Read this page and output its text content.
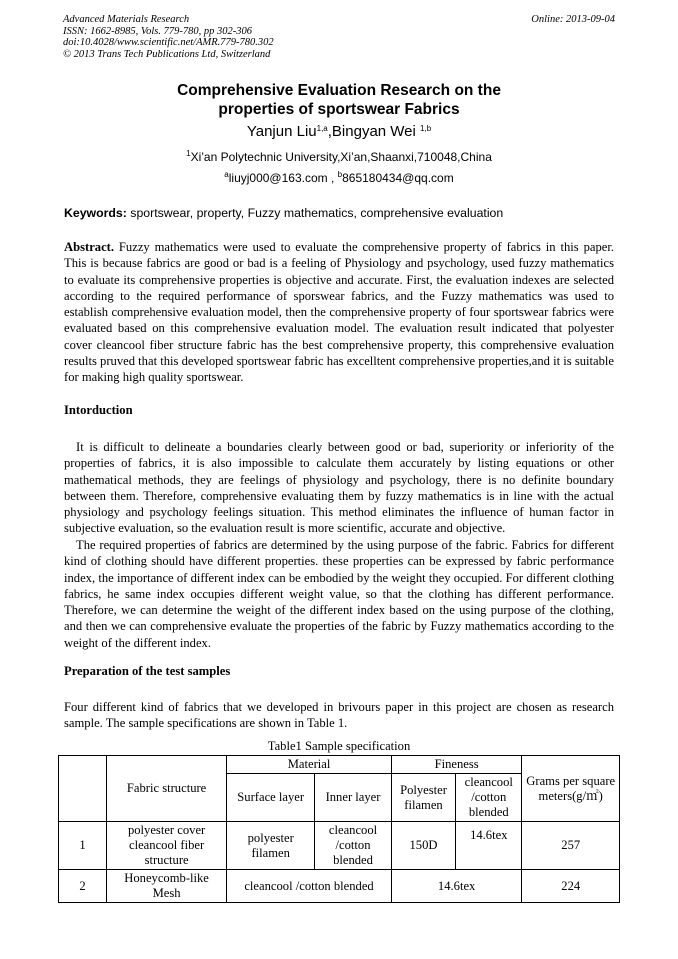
Advanced Materials Research
ISSN: 1662-8985, Vols. 779-780, pp 302-306
doi:10.4028/www.scientific.net/AMR.779-780.302
© 2013 Trans Tech Publications Ltd, Switzerland
Online: 2013-09-04
Comprehensive Evaluation Research on the
properties of sportswear Fabrics
Yanjun Liu$^{1,a}$,Bingyan Wei $^{1,b}$
$^1$Xi’an Polytechnic University,Xi’an,Shaanxi,710048,China
$^a$liuyj000@163.com , $^b$865180434@qq.com
Keywords: sportswear, property, Fuzzy mathematics, comprehensive evaluation

Abstract. Fuzzy mathematics were used to evaluate the comprehensive property of fabrics in this paper. This is because fabrics are good or bad is a feeling of Physiology and psychology, used fuzzy mathematics to evaluate its comprehensive properties is objective and accurate. First, the evaluation indexes are selected according to the required performance of sporswear fabrics, and the Fuzzy mathematics was used to establish comprehensive evaluation model, then the comprehensive property of four sportswear fabrics were evaluated based on this comprehensive evaluation model. The evaluation result indicated that polyester cover cleancool fiber structure fabric has the best comprehensive property, this comprehensive evaluation results pruved that this developed sportswear fabric has excelltent comprehensive properties,and it is suitable for making high quality sportswear.

Intorduction

It is difficult to delineate a boundaries clearly between good or bad, superiority or inferiority of the properties of fabrics, it is also impossible to calculate them accurately by listing equations or other mathematical methods, they are feelings of physiology and psychology, there is no definite boundary between them. Therefore, comprehensive evaluating them by fuzzy mathematics is in line with the actual physiology and psychology feelings situation. This method eliminates the influence of human factor in subjective evaluation, so the evaluation result is more scientific, accurate and objective.

The required properties of fabrics are determined by the using purpose of the fabric. Fabrics for different kind of clothing should have different properties. these properties can be expressed by fabric performance index, the importance of different index can be embodied by the weight they occupied. For different clothing fabrics, he same index occupies different weight value, so that the clothing has different performance. Therefore, we can determine the weight of the different index based on the using purpose of the clothing, and then we can comprehensive evaluate the properties of the fabric by Fuzzy mathematics according to the weight of the different index.

Preparation of the test samples

Four different kind of fabrics that we developed in brivours paper in this project are chosen as research sample. The sample specifications are shown in Table 1.

Table1 Sample specification
	Fabric structure	Material		Fineness		Grams per square meters(g/㎡)
		Surface layer	Inner layer	Polyester filamen	cleancool /cotton blended	
1	polyester cover cleancool fiber structure	polyester filamen	cleancool /cotton blended	150D	14.6tex	257
2	Honeycomb-like Mesh	cleancool /cotton blended		14.6tex		224
